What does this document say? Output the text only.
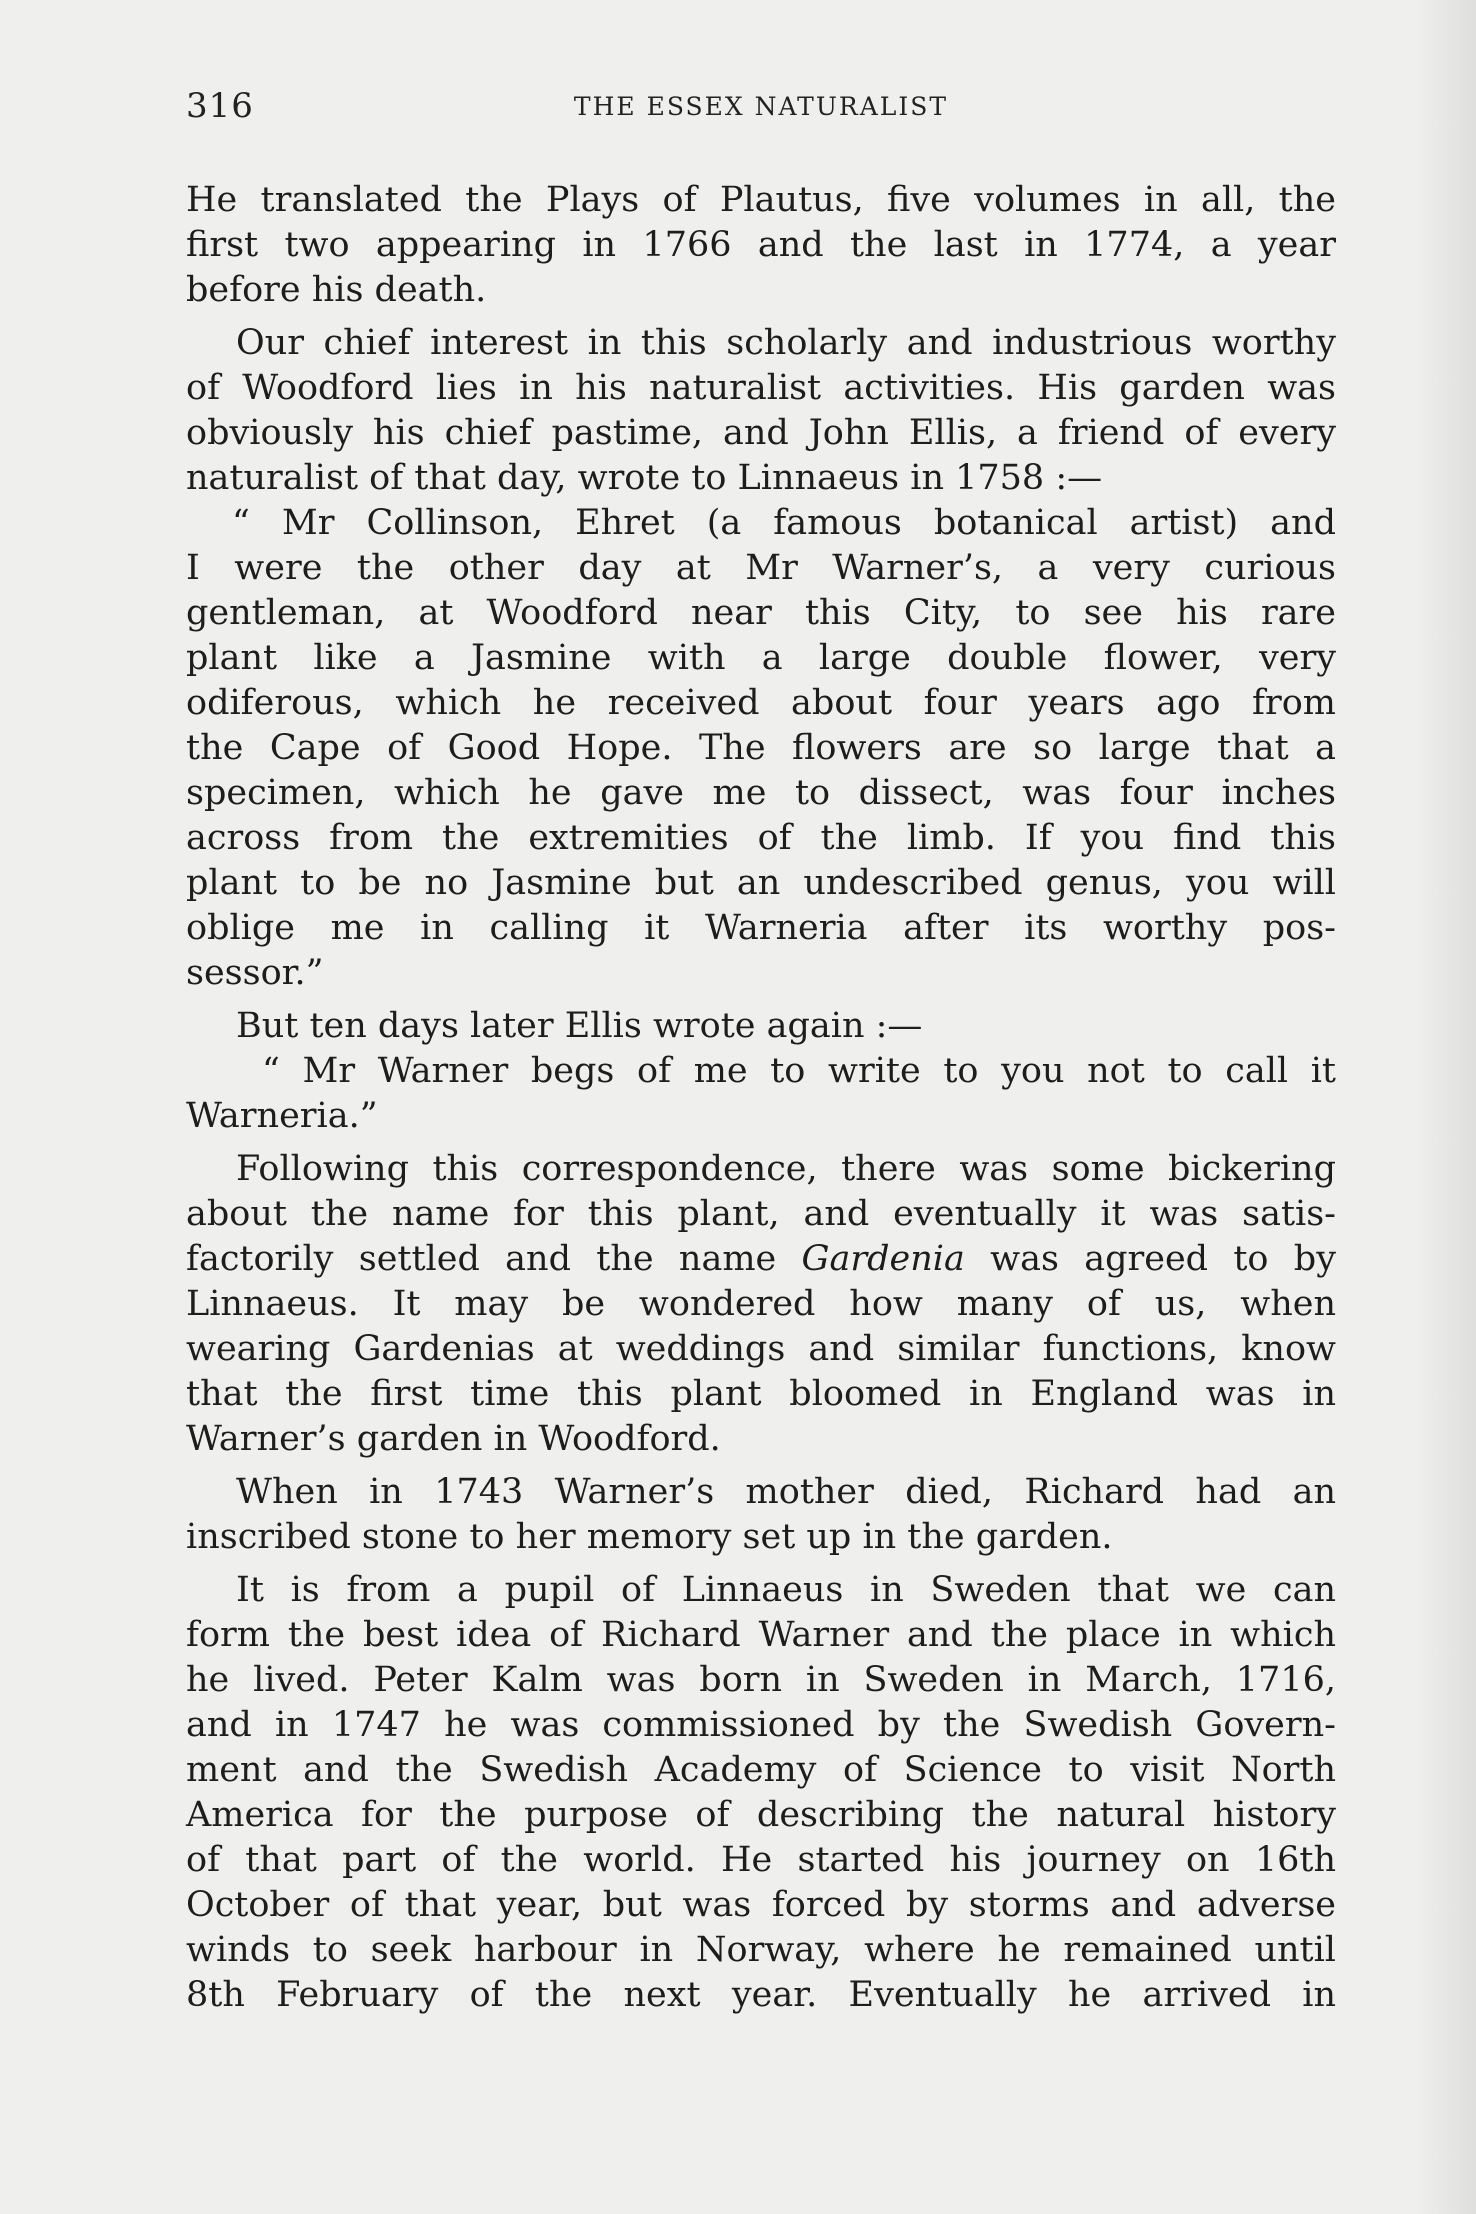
316	THE ESSEX NATURALIST

He translated the Plays of Plautus, five volumes in all, the
first two appearing in 1766 and the last in 1774, a year
before his death.

Our chief interest in this scholarly and industrious worthy
of Woodford lies in his naturalist activities. His garden was
obviously his chief pastime, and John Ellis, a friend of every
naturalist of that day, wrote to Linnaeus in 1758 :—

“ Mr Collinson, Ehret (a famous botanical artist) and
I were the other day at Mr Warner’s, a very curious
gentleman, at Woodford near this City, to see his rare
plant like a Jasmine with a large double flower, very
odiferous, which he received about four years ago from
the Cape of Good Hope. The flowers are so large that a
specimen, which he gave me to dissect, was four inches
across from the extremities of the limb. If you find this
plant to be no Jasmine but an undescribed genus, you will
oblige me in calling it Warneria after its worthy pos-
sessor.”

But ten days later Ellis wrote again :—

“ Mr Warner begs of me to write to you not to call it
Warneria.”

Following this correspondence, there was some bickering
about the name for this plant, and eventually it was satis-
factorily settled and the name Gardenia was agreed to by
Linnaeus. It may be wondered how many of us, when
wearing Gardenias at weddings and similar functions, know
that the first time this plant bloomed in England was in
Warner’s garden in Woodford.

When in 1743 Warner’s mother died, Richard had an
inscribed stone to her memory set up in the garden.

It is from a pupil of Linnaeus in Sweden that we can
form the best idea of Richard Warner and the place in which
he lived. Peter Kalm was born in Sweden in March, 1716,
and in 1747 he was commissioned by the Swedish Govern-
ment and the Swedish Academy of Science to visit North
America for the purpose of describing the natural history
of that part of the world. He started his journey on 16th
October of that year, but was forced by storms and adverse
winds to seek harbour in Norway, where he remained until
8th February of the next year. Eventually he arrived in
